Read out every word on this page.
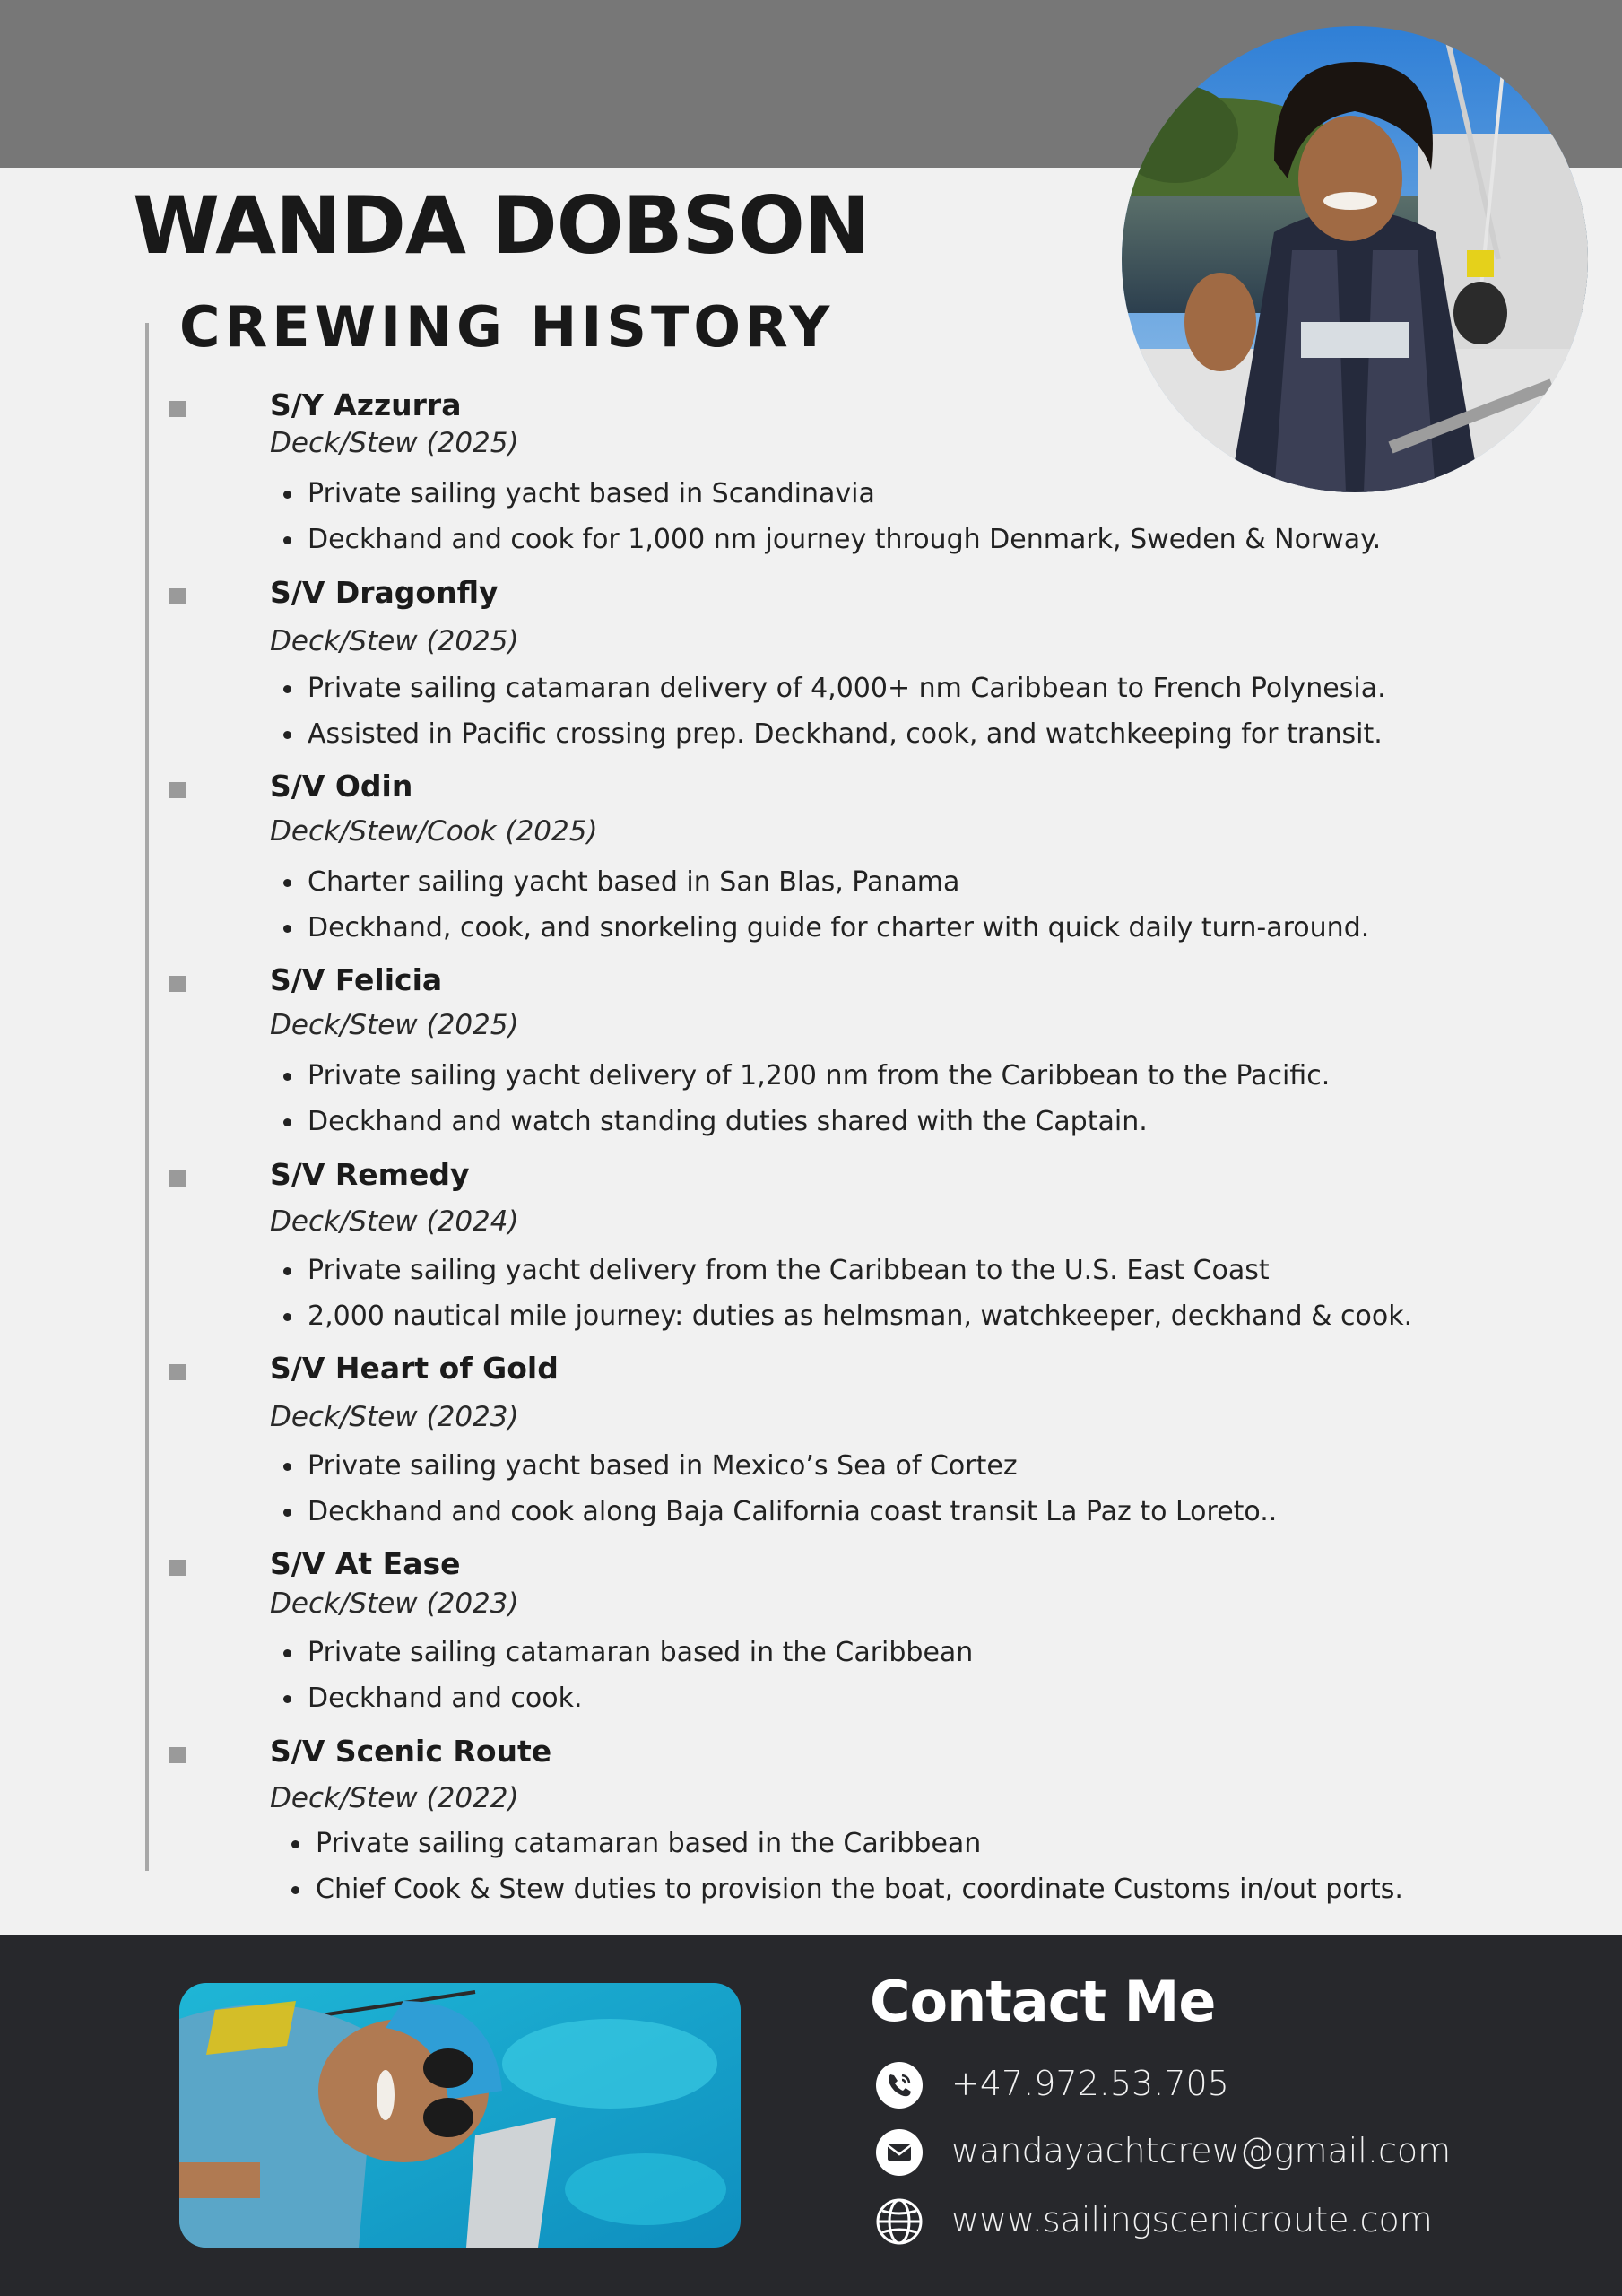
WANDA DOBSON
CREWING HISTORY
S/Y Azzurra
Deck/Stew (2025)
Private sailing yacht based in Scandinavia
Deckhand and cook for 1,000 nm journey through Denmark, Sweden & Norway.
S/V Dragonfly
Deck/Stew (2025)
Private sailing catamaran delivery of 4,000+ nm Caribbean to French Polynesia.
Assisted in Pacific crossing prep. Deckhand, cook, and watchkeeping for transit.
S/V Odin
Deck/Stew/Cook (2025)
Charter sailing yacht based in San Blas, Panama
Deckhand, cook, and snorkeling guide for charter with quick daily turn-around.
S/V Felicia
Deck/Stew (2025)
Private sailing yacht delivery of 1,200 nm from the Caribbean to the Pacific.
Deckhand and watch standing duties shared with the Captain.
S/V Remedy
Deck/Stew (2024)
Private sailing yacht delivery from the Caribbean to the U.S. East Coast
2,000 nautical mile journey: duties as helmsman, watchkeeper, deckhand & cook.
S/V Heart of Gold
Deck/Stew (2023)
Private sailing yacht based in Mexico’s Sea of Cortez
Deckhand and cook along Baja California coast transit La Paz to Loreto..
S/V At Ease
Deck/Stew (2023)
Private sailing catamaran based in the Caribbean
Deckhand and cook.
S/V Scenic Route
Deck/Stew (2022)
Private sailing catamaran based in the Caribbean
Chief Cook & Stew duties to provision the boat, coordinate Customs in/out ports.
Contact Me
+47.972.53.705
wandayachtcrew@gmail.com
www.sailingscenicroute.com
